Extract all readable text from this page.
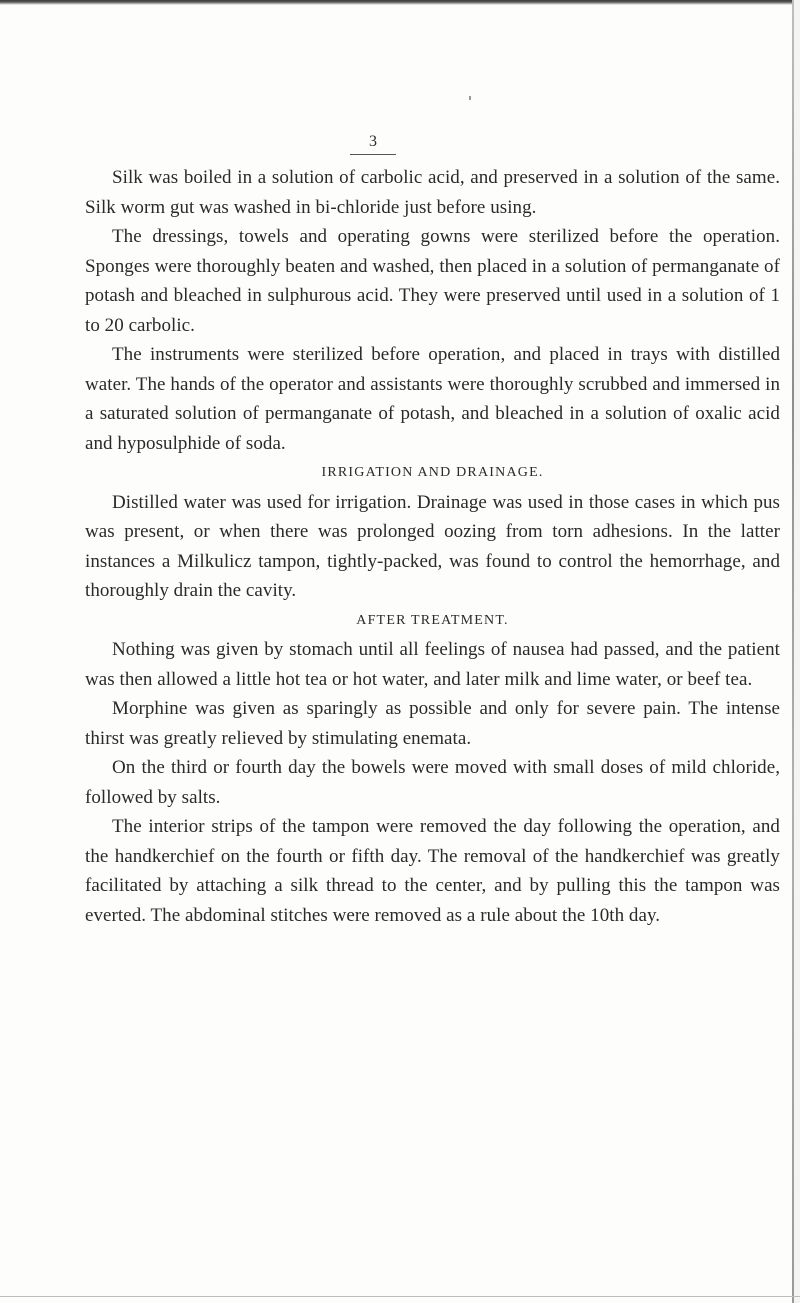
3

Silk was boiled in a solution of carbolic acid, and preserved in a solution of the same. Silk worm gut was washed in bi-chloride just before using.

The dressings, towels and operating gowns were sterilized before the operation. Sponges were thoroughly beaten and washed, then placed in a solution of permanganate of potash and bleached in sulphurous acid. They were preserved until used in a solution of 1 to 20 carbolic.

The instruments were sterilized before operation, and placed in trays with distilled water. The hands of the operator and assistants were thoroughly scrubbed and immersed in a saturated solution of permanganate of potash, and bleached in a solution of oxalic acid and hyposulphide of soda.

IRRIGATION AND DRAINAGE.

Distilled water was used for irrigation. Drainage was used in those cases in which pus was present, or when there was prolonged oozing from torn adhesions. In the latter instances a Milkulicz tampon, tightly-packed, was found to control the hemorrhage, and thoroughly drain the cavity.

AFTER TREATMENT.

Nothing was given by stomach until all feelings of nausea had passed, and the patient was then allowed a little hot tea or hot water, and later milk and lime water, or beef tea.

Morphine was given as sparingly as possible and only for severe pain. The intense thirst was greatly relieved by stimulating enemata.

On the third or fourth day the bowels were moved with small doses of mild chloride, followed by salts.

The interior strips of the tampon were removed the day following the operation, and the handkerchief on the fourth or fifth day. The removal of the handkerchief was greatly facilitated by attaching a silk thread to the center, and by pulling this the tampon was everted. The abdominal stitches were removed as a rule about the 10th day.
